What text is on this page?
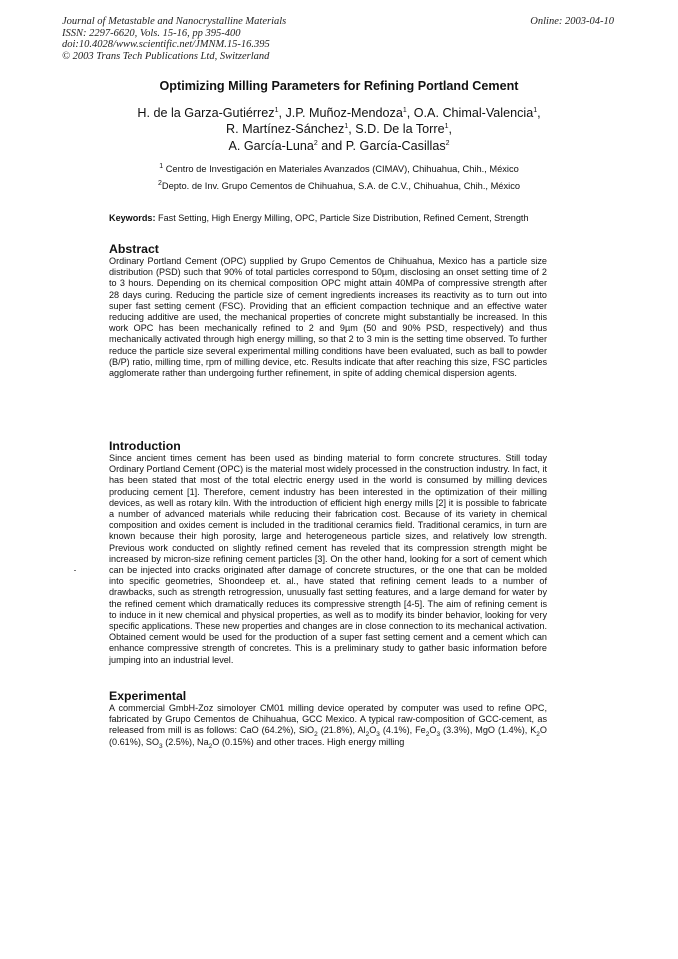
Journal of Metastable and Nanocrystalline Materials
ISSN: 2297-6620, Vols. 15-16, pp 395-400
doi:10.4028/www.scientific.net/JMNM.15-16.395
© 2003 Trans Tech Publications Ltd, Switzerland
Online: 2003-04-10
Optimizing Milling Parameters for Refining Portland Cement
H. de la Garza-Gutiérrez$^1$, J.P. Muñoz-Mendoza$^1$, O.A. Chimal-Valencia$^1$,
R. Martínez-Sánchez$^1$, S.D. De la Torre$^1$,
A. García-Luna$^2$ and P. García-Casillas$^2$
$^1$ Centro de Investigación en Materiales Avanzados (CIMAV), Chihuahua, Chih., México
$^2$Depto. de Inv. Grupo Cementos de Chihuahua, S.A. de C.V., Chihuahua, Chih., México
Keywords: Fast Setting, High Energy Milling, OPC, Particle Size Distribution, Refined Cement, Strength
Abstract

Ordinary Portland Cement (OPC) supplied by Grupo Cementos de Chihuahua, Mexico has a particle size distribution (PSD) such that 90% of total particles correspond to 50µm, disclosing an onset setting time of 2 to 3 hours. Depending on its chemical composition OPC might attain 40MPa of compressive strength after 28 days curing. Reducing the particle size of cement ingredients increases its reactivity as to turn out into super fast setting cement (FSC). Providing that an efficient compaction technique and an effective water reducing additive are used, the mechanical properties of concrete might substantially be increased. In this work OPC has been mechanically refined to 2 and 9µm (50 and 90% PSD, respectively) and thus mechanically activated through high energy milling, so that 2 to 3 min is the setting time observed. To further reduce the particle size several experimental milling conditions have been evaluated, such as ball to powder (B/P) ratio, milling time, rpm of milling device, etc. Results indicate that after reaching this size, FSC particles agglomerate rather than undergoing further refinement, in spite of adding chemical dispersion agents.

Introduction

Since ancient times cement has been used as binding material to form concrete structures. Still today Ordinary Portland Cement (OPC) is the material most widely processed in the construction industry. In fact, it has been stated that most of the total electric energy used in the world is consumed by milling devices producing cement [1]. Therefore, cement industry has been interested in the optimization of their milling devices, as well as rotary kiln. With the introduction of efficient high energy mills [2] it is possible to fabricate a number of advanced materials while reducing their fabrication cost. Because of its variety in chemical composition and oxides cement is included in the traditional ceramics field. Traditional ceramics, in turn are known because their high porosity, large and heterogeneous particle sizes, and relatively low strength. Previous work conducted on slightly refined cement has reveled that its compression strength might be increased by micron-size refining cement particles [3]. On the other hand, looking for a sort of cement which can be injected into cracks originated after damage of concrete structures, or the one that can be molded into specific geometries, Shoondeep et. al., have stated that refining cement leads to a number of drawbacks, such as strength retrogression, unusually fast setting features, and a large demand for water by the refined cement which dramatically reduces its compressive strength [4-5]. The aim of refining cement is to induce in it new chemical and physical properties, as well as to modify its binder behavior, looking for very specific applications. These new properties and changes are in close connection to its mechanical activation. Obtained cement would be used for the production of a super fast setting cement and a cement which can enhance compressive strength of concretes. This is a preliminary study to gather basic information before jumping into an industrial level.

Experimental

A commercial GmbH-Zoz simoloyer CM01 milling device operated by computer was used to refine OPC, fabricated by Grupo Cementos de Chihuahua, GCC Mexico. A typical raw-composition of GCC-cement, as released from mill is as follows: CaO (64.2%), SiO$_2$ (21.8%), $Al_2O_3$ (4.1%), $Fe_2O_3$ (3.3%), MgO (1.4%), $K_2O$ (0.61%), $SO_3$ (2.5%), $Na_2O$ (0.15%) and other traces. High energy milling
